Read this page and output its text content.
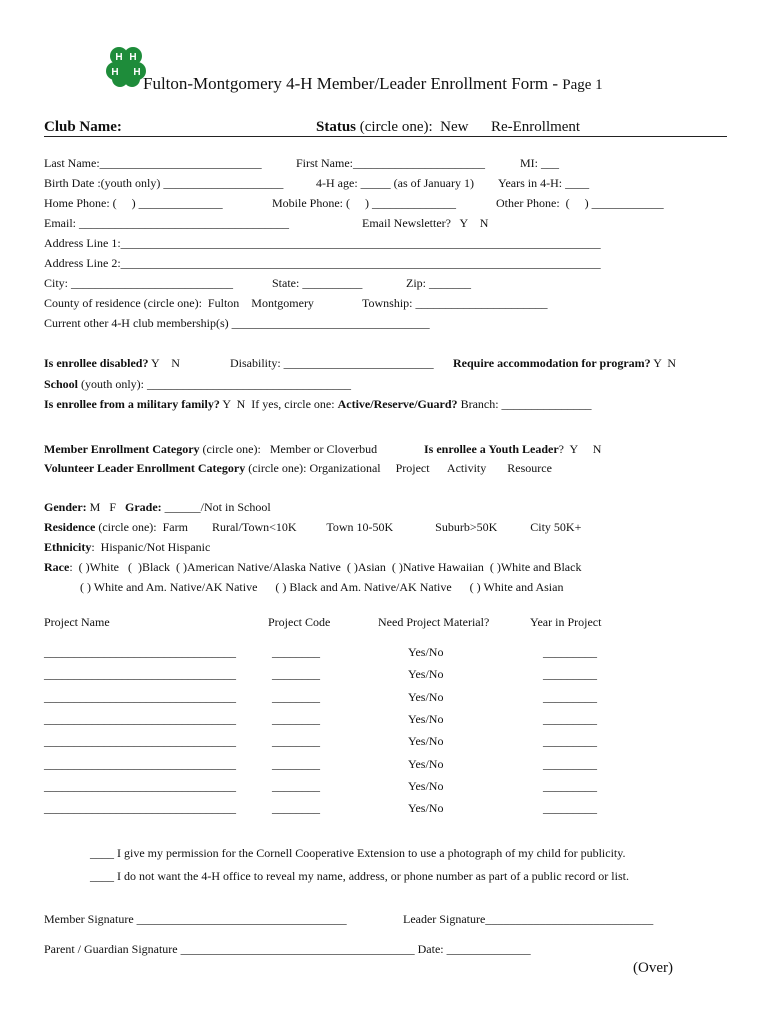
H H
H H
Fulton-Montgomery 4-H Member/Leader Enrollment Form - Page 1
Club Name:	Status (circle one):  New      Re-Enrollment
Last Name:___________________________	First Name:______________________	MI: ___
Birth Date :(youth only) ____________________	4-H age: _____ (as of January 1) Years in 4-H: ____
Home Phone: (     ) ______________	Mobile Phone: (     ) ______________	Other Phone:  (     ) ____________
Email: ___________________________________	Email Newsletter?   Y    N
Address Line 1:________________________________________________________________________________
Address Line 2:________________________________________________________________________________
City: ___________________________	State: __________	Zip: _______
County of residence (circle one):  Fulton    Montgomery	Township: ______________________
Current other 4-H club membership(s) _________________________________
Is enrollee disabled? Y    N	Disability: _________________________ Require accommodation for program? Y  N
School (youth only): __________________________________
Is enrollee from a military family? Y  N  If yes, circle one: Active/Reserve/Guard? Branch: _______________
Member Enrollment Category (circle one):   Member or Cloverbud	Is enrollee a Youth Leader?  Y     N
Volunteer Leader Enrollment Category (circle one): Organizational     Project      Activity       Resource
Gender: M   F   Grade: ______/Not in School
Residence (circle one):  Farm        Rural/Town<10K          Town 10-50K              Suburb>50K           City 50K+
Ethnicity:  Hispanic/Not Hispanic
Race:  ( )White   (  )Black  ( )American Native/Alaska Native  ( )Asian  ( )Native Hawaiian  ( )White and Black
( ) White and Am. Native/AK Native      ( ) Black and Am. Native/AK Native      ( ) White and Asian
Project Name	Project Code	Need Project Material?	Year in Project
________________________________	________	Yes/No	_________
________________________________	________	Yes/No	_________
________________________________	________	Yes/No	_________
________________________________	________	Yes/No	_________
________________________________	________	Yes/No	_________
________________________________	________	Yes/No	_________
________________________________	________	Yes/No	_________
________________________________	________	Yes/No	_________
____ I give my permission for the Cornell Cooperative Extension to use a photograph of my child for publicity.
____ I do not want the 4-H office to reveal my name, address, or phone number as part of a public record or list.
Member Signature ___________________________________	Leader Signature____________________________
Parent / Guardian Signature _______________________________________ Date: ______________
(Over)
